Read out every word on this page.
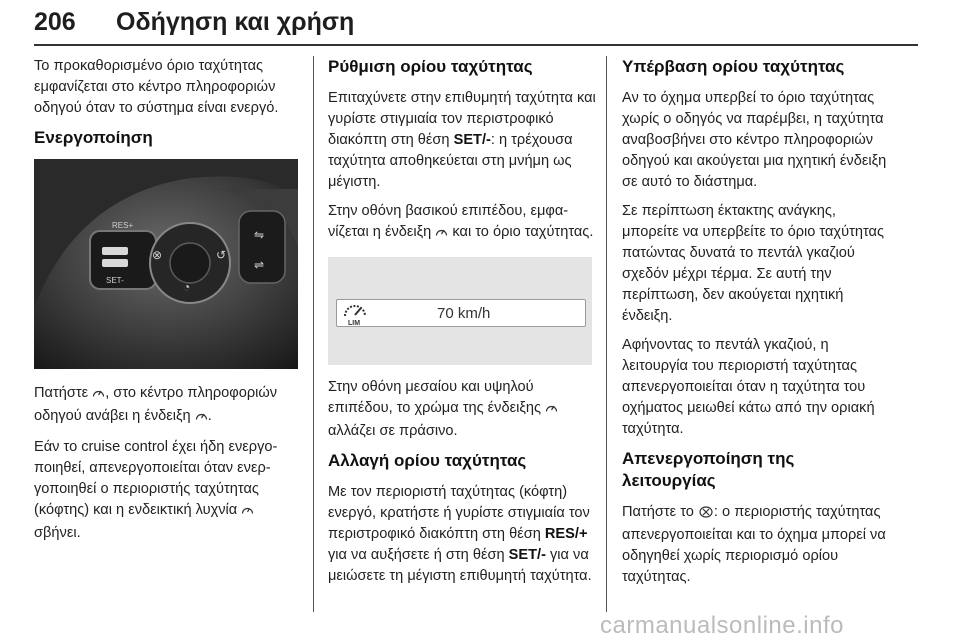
206 Οδήγηση και χρήση

Το προκαθορισμένο όριο ταχύτητας εμφανίζεται στο κέντρο πληροφοριών οδηγού όταν το σύστημα είναι ενεργό.

Ενεργοποίηση
RES+
SET-
⊗	↺
◔
⇋
⇌

Πατήστε , στο κέντρο πληροφοριών οδηγού ανάβει η ένδειξη .

Εάν το cruise control έχει ήδη ενεργοποιηθεί, απενεργοποιείται όταν ενεργοποιηθεί ο περιοριστής ταχύτητας (κόφτης) και η ενδεικτική λυχνία  σβήνει.

Ρύθμιση ορίου ταχύτητας

Επιταχύνετε στην επιθυμητή ταχύτητα και γυρίστε στιγμιαία τον περιστροφικό διακόπτη στη θέση SET/-: η τρέχουσα ταχύτητα αποθηκεύεται στη μνήμη ως μέγιστη.

Στην οθόνη βασικού επιπέδου, εμφανίζεται η ένδειξη  και το όριο ταχύτητας.

LIM
70 km/h

Στην οθόνη μεσαίου και υψηλού επιπέδου, το χρώμα της ένδειξης  αλλάζει σε πράσινο.

Αλλαγή ορίου ταχύτητας

Με τον περιοριστή ταχύτητας (κόφτη) ενεργό, κρατήστε ή γυρίστε στιγμιαία τον περιστροφικό διακόπτη στη θέση RES/+ για να αυξήσετε ή στη θέση SET/- για να μειώσετε τη μέγιστη επιθυμητή ταχύτητα.

Υπέρβαση ορίου ταχύτητας

Αν το όχημα υπερβεί το όριο ταχύτητας χωρίς ο οδηγός να παρέμβει, η ταχύτητα αναβοσβήνει στο κέντρο πληροφοριών οδηγού και ακούγεται μια ηχητική ένδειξη σε αυτό το διάστημα.

Σε περίπτωση έκτακτης ανάγκης, μπορείτε να υπερβείτε το όριο ταχύτητας πατώντας δυνατά το πεντάλ γκαζιού σχεδόν μέχρι τέρμα. Σε αυτή την περίπτωση, δεν ακούγεται ηχητική ένδειξη.

Αφήνοντας το πεντάλ γκαζιού, η λειτουργία του περιοριστή ταχύτητας απενεργοποιείται όταν η ταχύτητα του οχήματος μειωθεί κάτω από την οριακή ταχύτητα.

Απενεργοποίηση της λειτουργίας

Πατήστε το : ο περιοριστής ταχύτητας απενεργοποιείται και το όχημα μπορεί να οδηγηθεί χωρίς περιορισμό ορίου ταχύτητας.

carmanualsonline.info
